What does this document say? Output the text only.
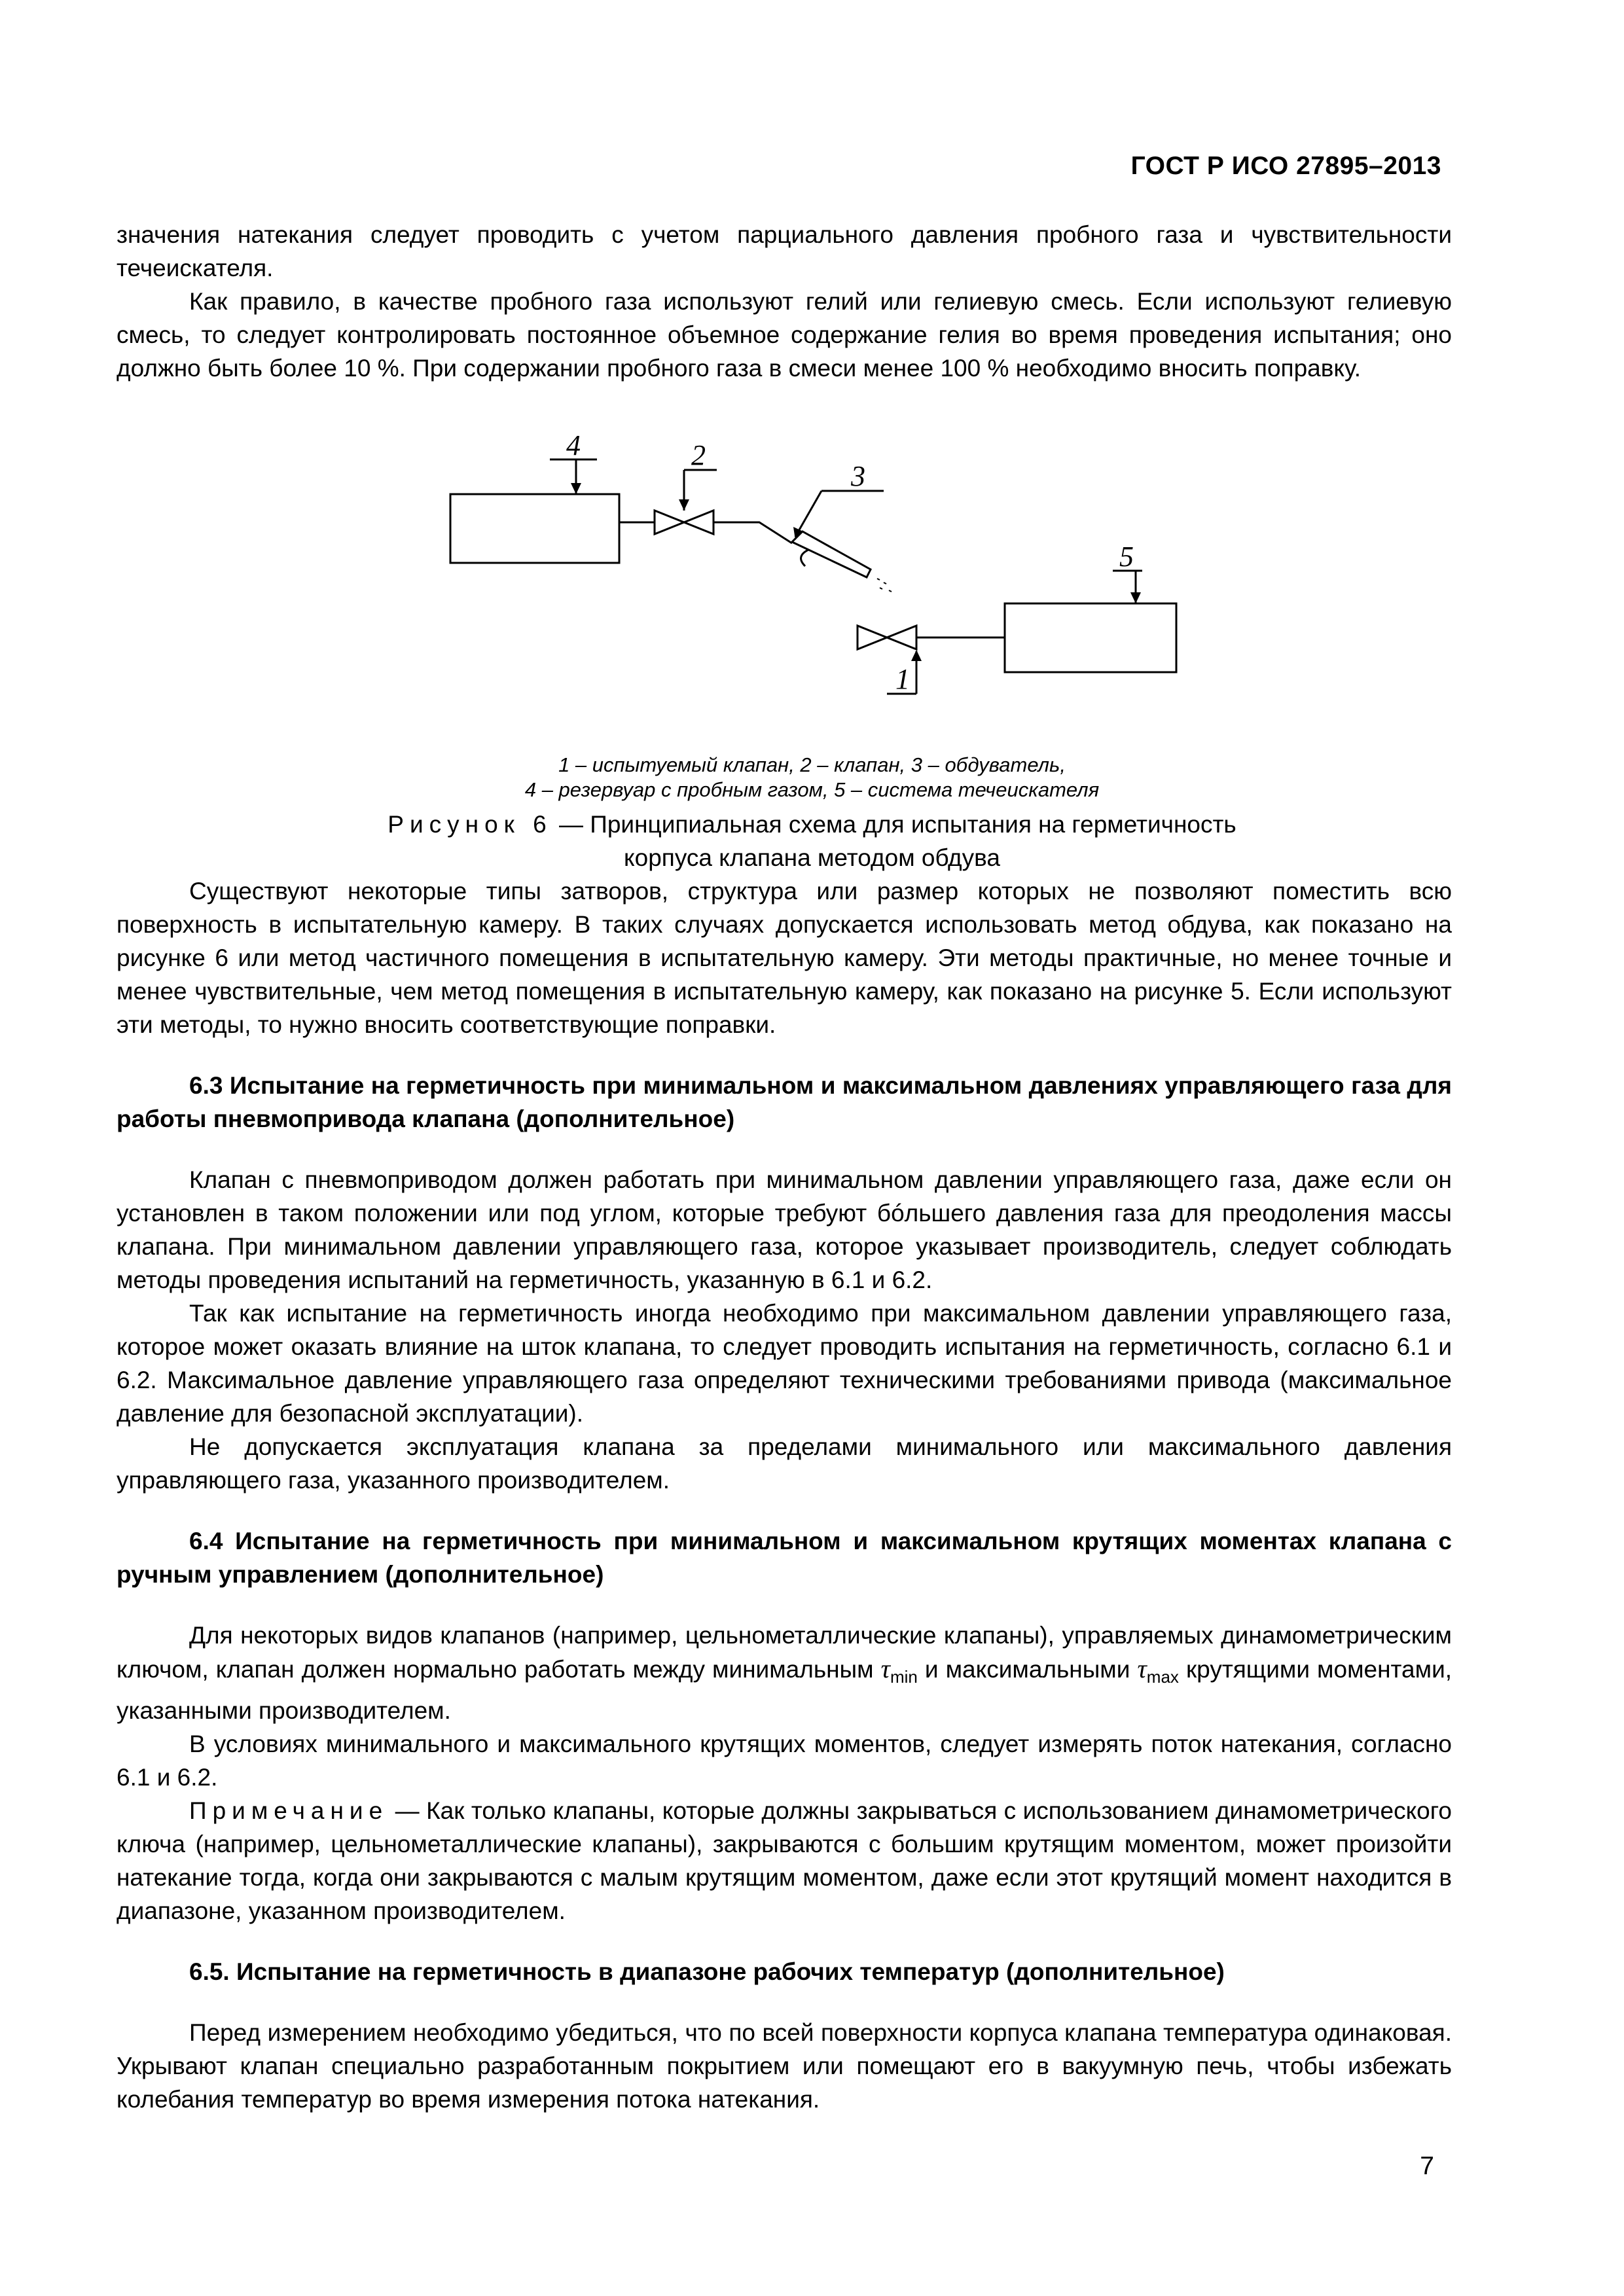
ГОСТ Р ИСО 27895–2013

значения натекания следует проводить с учетом парциального давления пробного газа и чувствительности течеискателя.

Как правило, в качестве пробного газа используют гелий или гелиевую смесь. Если используют гелиевую смесь, то следует контролировать постоянное объемное содержание гелия во время проведения испытания; оно должно быть более 10 %. При содержании пробного газа в смеси менее 100 % необходимо вносить поправку.

4	2
3
5
1
1 – испытуемый клапан, 2 – клапан, 3 – обдуватель,
4 – резервуар с пробным газом, 5 – система течеискателя
Рисунок 6 — Принципиальная схема для испытания на герметичность
корпуса клапана методом обдува

Существуют некоторые типы затворов, структура или размер которых не позволяют поместить всю поверхность в испытательную камеру. В таких случаях допускается использовать метод обдува, как показано на рисунке 6 или метод частичного помещения в испытательную камеру. Эти методы практичные, но менее точные и менее чувствительные, чем метод помещения в испытательную камеру, как показано на рисунке 5. Если используют эти методы, то нужно вносить соответствующие поправки.

6.3 Испытание на герметичность при минимальном и максимальном давлениях управляющего газа для работы пневмопривода клапана (дополнительное)

Клапан с пневмоприводом должен работать при минимальном давлении управляющего газа, даже если он установлен в таком положении или под углом, которые требуют бóльшего давления газа для преодоления массы клапана. При минимальном давлении управляющего газа, которое указывает производитель, следует соблюдать методы проведения испытаний на герметичность, указанную в 6.1 и 6.2.

Так как испытание на герметичность иногда необходимо при максимальном давлении управляющего газа, которое может оказать влияние на шток клапана, то следует проводить испытания на герметичность, согласно 6.1 и 6.2. Максимальное давление управляющего газа определяют техническими требованиями привода (максимальное давление для безопасной эксплуатации).

Не допускается эксплуатация клапана за пределами минимального или максимального давления управляющего газа, указанного производителем.

6.4 Испытание на герметичность при минимальном и максимальном крутящих моментах клапана с ручным управлением (дополнительное)

Для некоторых видов клапанов (например, цельнометаллические клапаны), управляемых динамометрическим ключом, клапан должен нормально работать между минимальным $\tau_{min}$ и максимальными $\tau_{max}$ крутящими моментами, указанными производителем.

В условиях минимального и максимального крутящих моментов, следует измерять поток натекания, согласно 6.1 и 6.2.

Примечание — Как только клапаны, которые должны закрываться с использованием динамометрического ключа (например, цельнометаллические клапаны), закрываются с большим крутящим моментом, может произойти натекание тогда, когда они закрываются с малым крутящим моментом, даже если этот крутящий момент находится в диапазоне, указанном производителем.

6.5. Испытание на герметичность в диапазоне рабочих температур (дополнительное)

Перед измерением необходимо убедиться, что по всей поверхности корпуса клапана температура одинаковая. Укрывают клапан специально разработанным покрытием или помещают его в вакуумную печь, чтобы избежать колебания температур во время измерения потока натекания.

7
